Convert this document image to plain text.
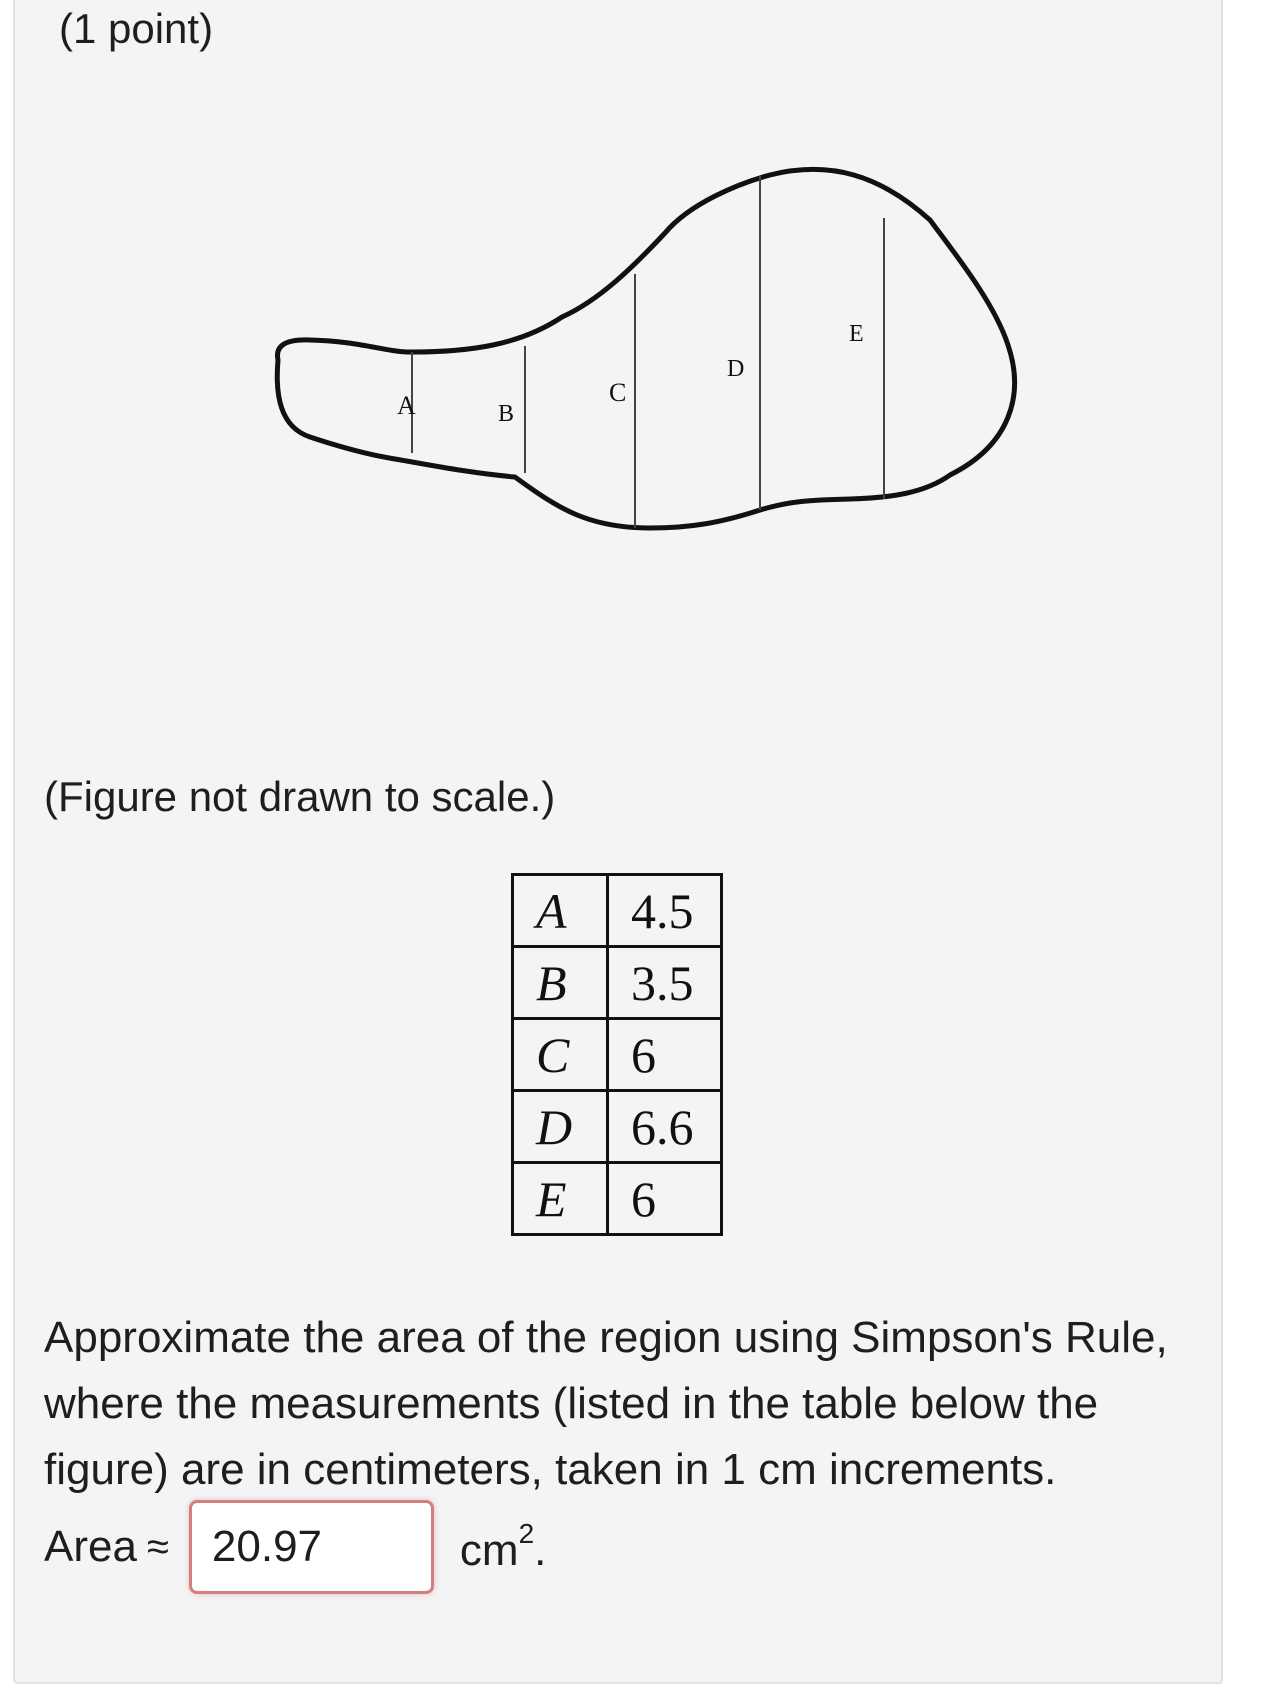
(1 point)
A	B
C
D
E
(Figure not drawn to scale.)
A	4.5
B	3.5
C	6
D	6.6
E	6
Approximate the area of the region using Simpson's Rule, where the measurements (listed in the table below the figure) are in centimeters, taken in 1 cm increments.
Area ≈
20.97	$cm^2$.
